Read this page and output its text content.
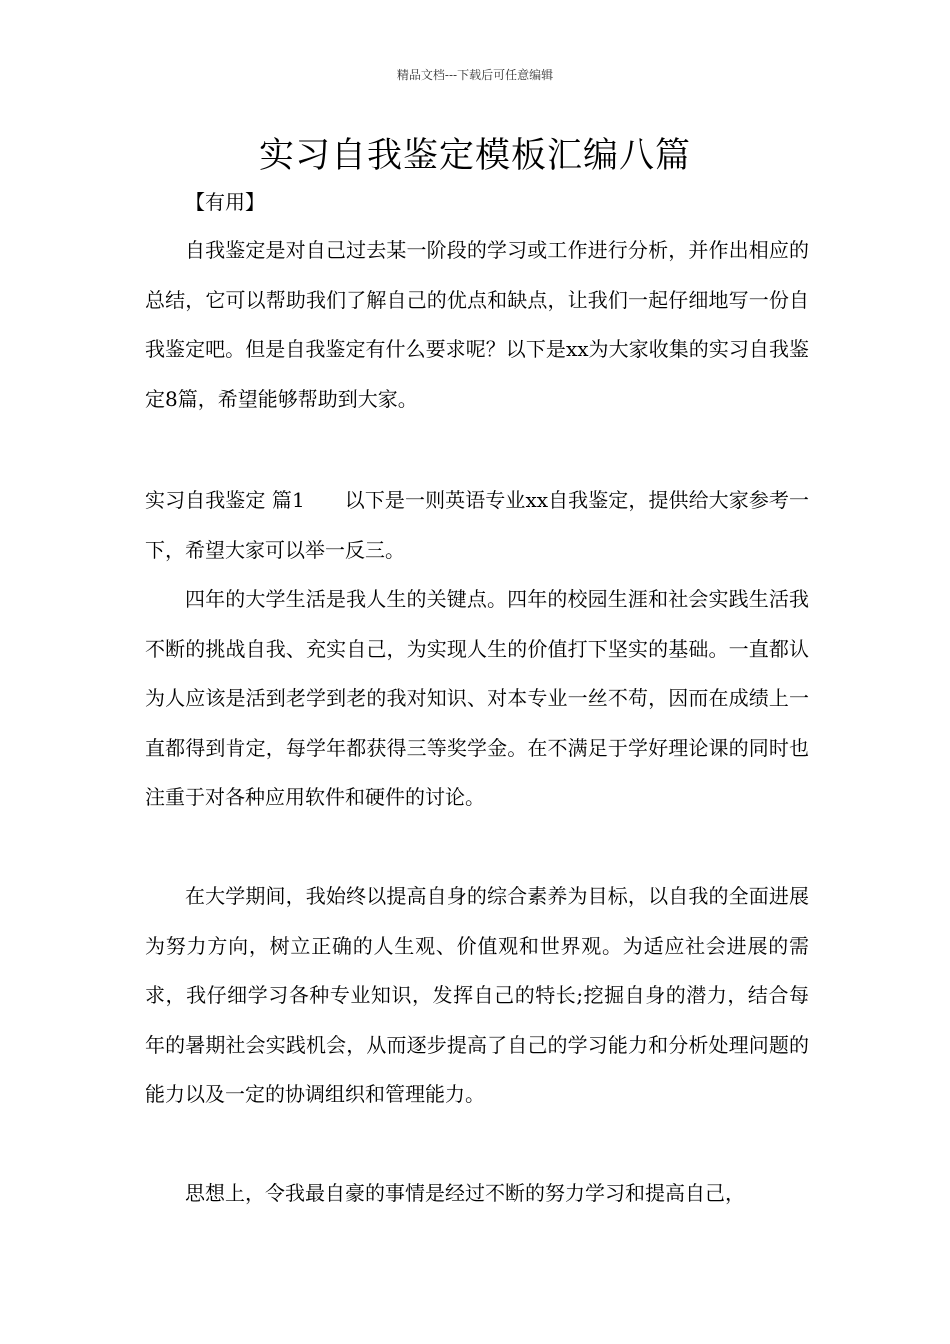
精品文档---下载后可任意编辑
实习自我鉴定模板汇编八篇
【有用】

自我鉴定是对自己过去某一阶段的学习或工作进行分析，并作出相应的总结，它可以帮助我们了解自己的优点和缺点，让我们一起仔细地写一份自我鉴定吧。但是自我鉴定有什么要求呢？以下是xx为大家收集的实习自我鉴定8篇，希望能够帮助到大家。

实习自我鉴定 篇1 以下是一则英语专业xx自我鉴定，提供给大家参考一下，希望大家可以举一反三。

四年的大学生活是我人生的关键点。四年的校园生涯和社会实践生活我不断的挑战自我、充实自己，为实现人生的价值打下坚实的基础。一直都认为人应该是活到老学到老的我对知识、对本专业一丝不苟，因而在成绩上一直都得到肯定，每学年都获得三等奖学金。在不满足于学好理论课的同时也注重于对各种应用软件和硬件的讨论。

在大学期间，我始终以提高自身的综合素养为目标，以自我的全面进展为努力方向，树立正确的人生观、价值观和世界观。为适应社会进展的需求，我仔细学习各种专业知识，发挥自己的特长;挖掘自身的潜力，结合每年的暑期社会实践机会，从而逐步提高了自己的学习能力和分析处理问题的能力以及一定的协调组织和管理能力。

思想上，令我最自豪的事情是经过不断的努力学习和提高自己，
